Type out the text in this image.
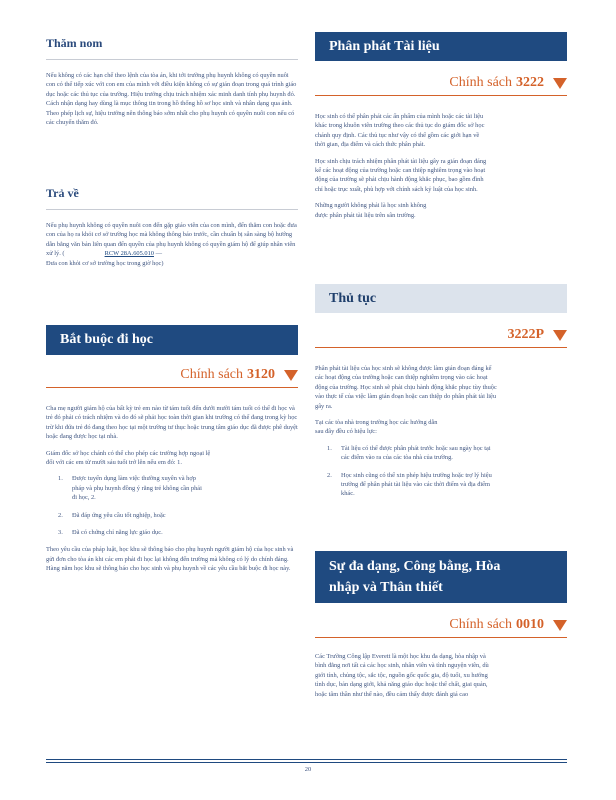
Thăm nom

Nếu không có các hạn chế theo lệnh của tòa án, khi tới trường phụ huynh không có quyền nuôi con có thể tiếp xúc với con em của mình với điều kiện không có sự gián đoạn trong quá trình giáo dục hoặc các thủ tục của trường. Hiệu trưởng chịu trách nhiệm xác minh danh tính phụ huynh đó. Cách nhận dạng hay dùng là mục thông tin trong hồ thống hồ sơ học sinh và nhân dạng qua ảnh. Theo phép lịch sự, hiệu trưởng nên thông báo sớm nhất cho phụ huynh có quyền nuôi con nếu có các chuyến thăm đó.

Trả về

Nếu phụ huynh không có quyền nuôi con đến gặp giáo viên của con mình, đến thăm con hoặc đưa con của họ ra khỏi cơ sở trường học mà không thông báo trước, cần chuẩn bị sẵn sàng bộ hướng dẫn bằng văn bản liên quan đến quyền của phụ huynh không có quyền giám hộ để giúp nhân viên xử lý. (	RCW 28A.605.010 —
Đưa con khỏi cơ sở trường học trong giờ học)

Bắt buộc đi học
Chính sách 3120

Cha mẹ người giám hộ của bất kỳ trẻ em nào từ tám tuổi đến dưới mười tám tuổi có thể đi học và trẻ đó phải có trách nhiệm và do đó sẽ phải học toàn thời gian khi trường có thể đang trong kỳ học trừ khi đứa trẻ đó đang theo học tại một trường tư thục hoặc trung tâm giáo dục đã được phê duyệt hoặc đang được học tại nhà.

Giám đốc sở học chánh có thể cho phép các trường hợp ngoại lệ đối với các em từ mười sáu tuổi trở lên nếu em đó: 1.

1.	Được tuyển dụng làm việc thường xuyên và hợp pháp và phụ huynh đồng ý rằng trẻ không cần phải đi học, 2.
2.	Đã đáp ứng yêu cầu tốt nghiệp, hoặc
3.	Đã có chứng chỉ năng lực giáo dục.

Theo yêu cầu của pháp luật, học khu sẽ thông báo cho phụ huynh người giám hộ của học sinh và gửi đơn cho tòa án khi các em phải đi học lại không đến trường mà không có lý do chính đáng. Hàng năm học khu sẽ thông báo cho học sinh và phụ huynh về các yêu cầu bắt buộc đi học này.

Phân phát Tài liệu
Chính sách 3222

Học sinh có thể phân phát các ấn phẩm của mình hoặc các tài liệu khác trong khuôn viên trường theo các thủ tục do giám đốc sở học chánh quy định. Các thủ tục như vậy có thể gồm các giới hạn về thời gian, địa điểm và cách thức phân phát.

Học sinh chịu trách nhiệm phân phát tài liệu gây ra gián đoạn đáng kể các hoạt động của trường hoặc can thiệp nghiêm trọng vào hoạt động của trường sẽ phải chịu hành động khắc phục, bao gồm đình chỉ hoặc trục xuất, phù hợp với chính sách kỷ luật của học sinh.

Những người không phải là học sinh không được phân phát tài liệu trên sân trường.

Thủ tục
3222P

Phân phát tài liệu của học sinh sẽ không được làm gián đoạn đáng kể các hoạt động của trường hoặc can thiệp nghiêm trọng vào các hoạt động của trường. Học sinh sẽ phải chịu hành động khắc phục tùy thuộc vào thực tế của việc làm gián đoạn hoặc can thiệp do phân phát tài liệu gây ra.

Tại các tòa nhà trong trường học các hướng dẫn sau đây đều có hiệu lực:

1.	Tài liệu có thể được phân phát trước hoặc sau ngày học tại các điểm vào ra của các tòa nhà của trường.
2.	Học sinh cũng có thể xin phép hiệu trưởng hoặc trợ lý hiệu trưởng để phân phát tài liệu vào các thời điểm và địa điểm khác.
Sự đa dạng, Công bằng, Hòa
nhập và Thân thiết
Chính sách 0010

Các Trường Công lập Everett là một học khu đa dạng, hòa nhập và bình đẳng nơi tất cả các học sinh, nhân viên và tình nguyện viên, dù giới tính, chủng tộc, sắc tộc, nguồn gốc quốc gia, độ tuổi, xu hướng tình dục, bản dạng giới, khả năng giáo dục hoặc thể chất, giai quản, hoặc tâm thần như thế nào, đều cảm thấy được đánh giá cao

20
